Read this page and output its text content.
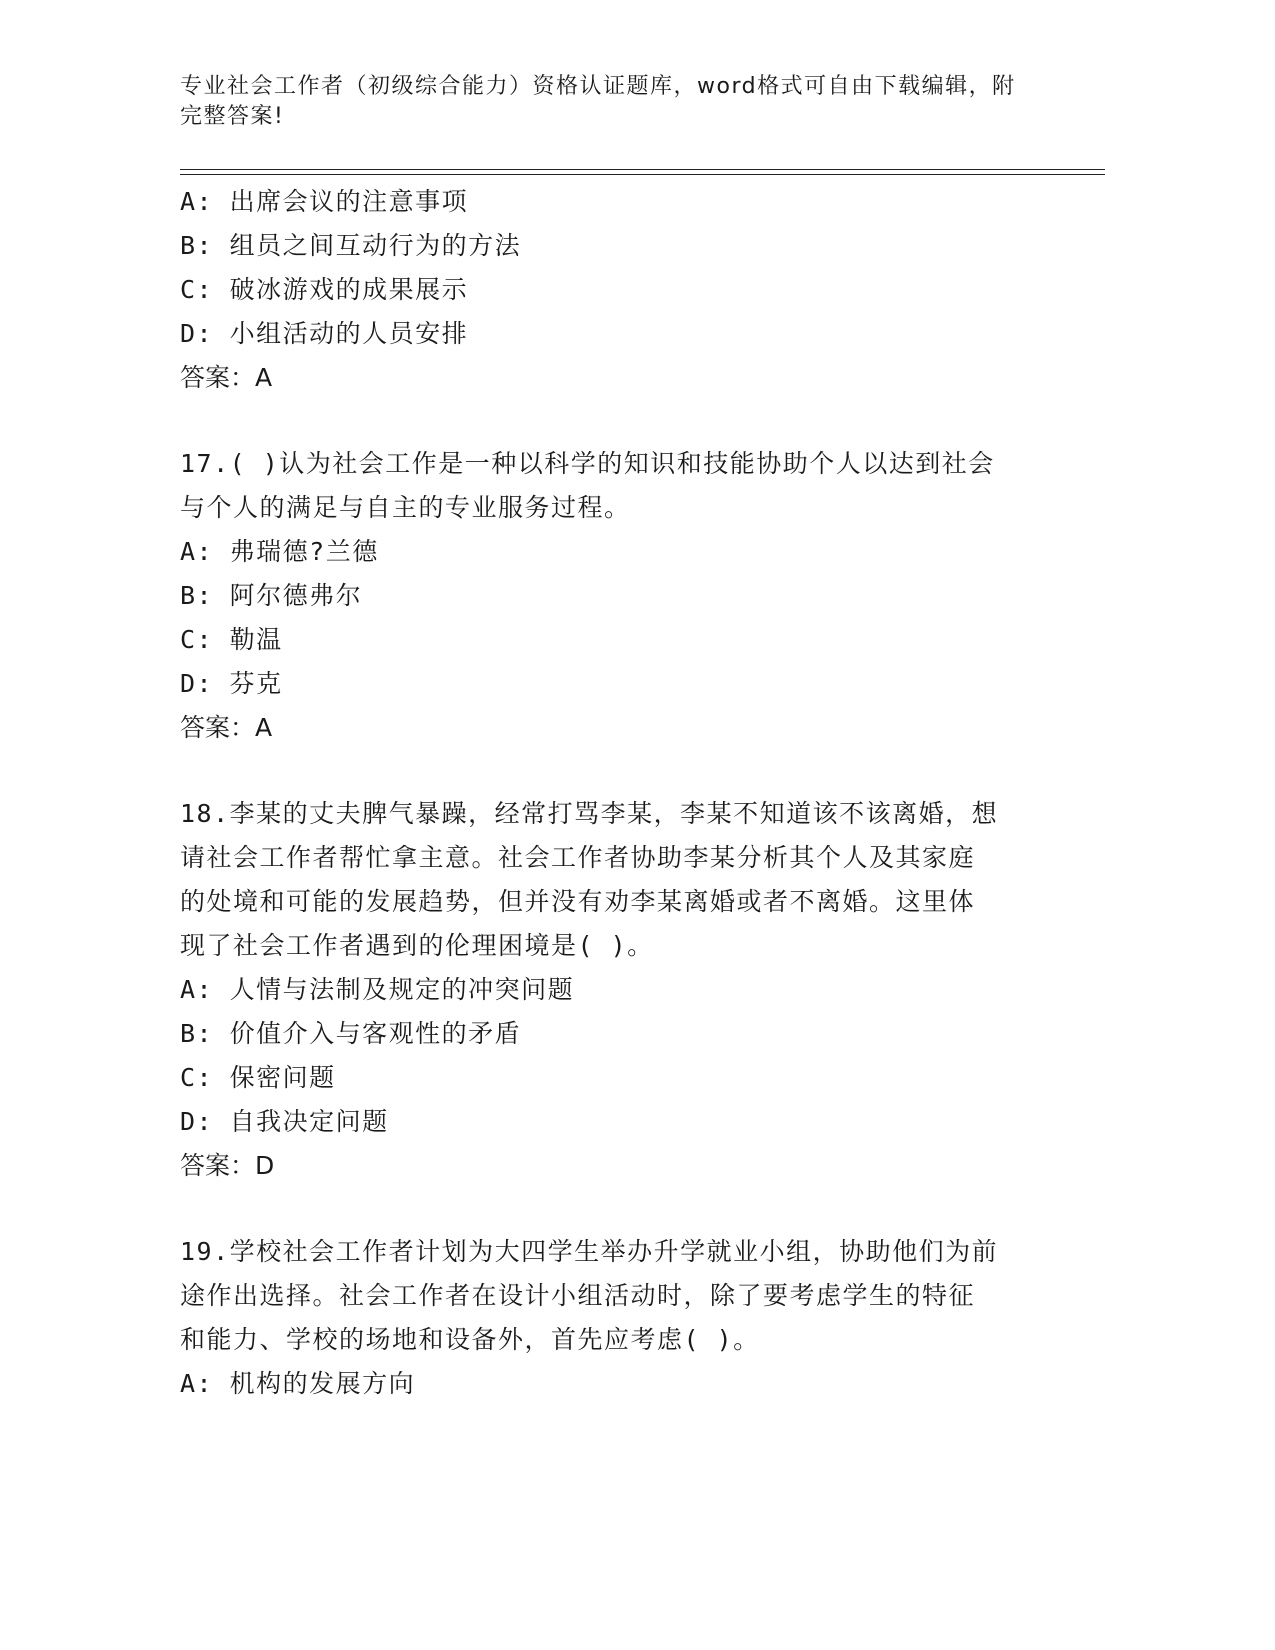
专业社会工作者（初级综合能力）资格认证题库，word格式可自由下载编辑，附
完整答案!
A: 出席会议的注意事项
B: 组员之间互动行为的方法
C: 破冰游戏的成果展示
D: 小组活动的人员安排
答案：A
17.( )认为社会工作是一种以科学的知识和技能协助个人以达到社会
与个人的满足与自主的专业服务过程。
A: 弗瑞德?兰德
B: 阿尔德弗尔
C: 勒温
D: 芬克
答案：A
18.李某的丈夫脾气暴躁，经常打骂李某，李某不知道该不该离婚，想
请社会工作者帮忙拿主意。社会工作者协助李某分析其个人及其家庭
的处境和可能的发展趋势，但并没有劝李某离婚或者不离婚。这里体
现了社会工作者遇到的伦理困境是( )。
A: 人情与法制及规定的冲突问题
B: 价值介入与客观性的矛盾
C: 保密问题
D: 自我决定问题
答案：D
19.学校社会工作者计划为大四学生举办升学就业小组，协助他们为前
途作出选择。社会工作者在设计小组活动时，除了要考虑学生的特征
和能力、学校的场地和设备外，首先应考虑( )。
A: 机构的发展方向
